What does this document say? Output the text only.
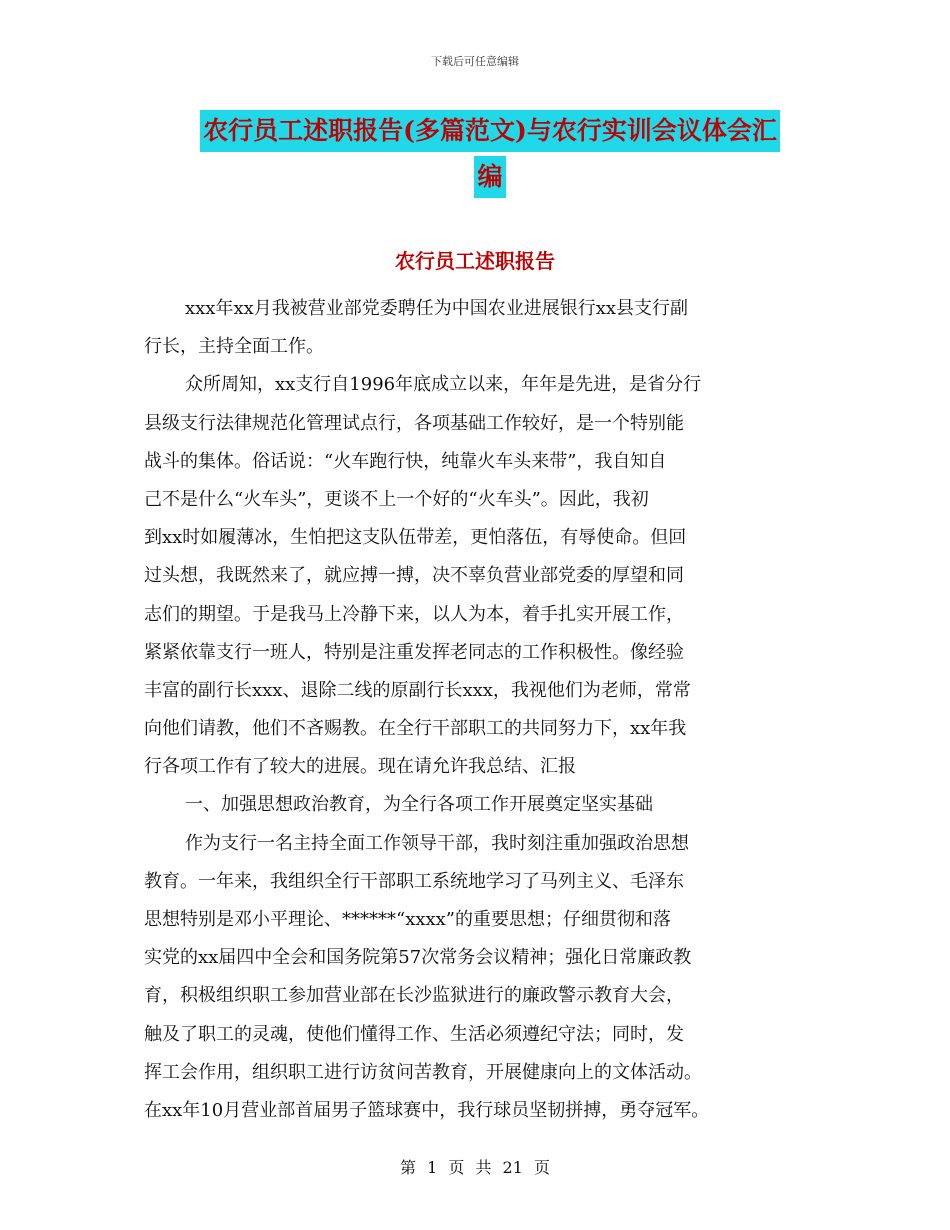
下载后可任意编辑
农行员工述职报告(多篇范文)与农行实训会议体会汇
编
农行员工述职报告
xxx年xx月我被营业部党委聘任为中国农业进展银行xx县支行副
行长，主持全面工作。
众所周知，xx支行自1996年底成立以来，年年是先进，是省分行
县级支行法律规范化管理试点行，各项基础工作较好，是一个特别能
战斗的集体。俗话说：“火车跑行快，纯靠火车头来带”，我自知自
己不是什么“火车头”，更谈不上一个好的“火车头”。因此，我初
到xx时如履薄冰，生怕把这支队伍带差，更怕落伍，有辱使命。但回
过头想，我既然来了，就应搏一搏，决不辜负营业部党委的厚望和同
志们的期望。于是我马上冷静下来，以人为本，着手扎实开展工作，
紧紧依靠支行一班人，特别是注重发挥老同志的工作积极性。像经验
丰富的副行长xxx、退除二线的原副行长xxx，我视他们为老师，常常
向他们请教，他们不吝赐教。在全行干部职工的共同努力下，xx年我
行各项工作有了较大的进展。现在请允许我总结、汇报
一、加强思想政治教育，为全行各项工作开展奠定坚实基础
作为支行一名主持全面工作领导干部，我时刻注重加强政治思想
教育。一年来，我组织全行干部职工系统地学习了马列主义、毛泽东
思想特别是邓小平理论、******“xxxx”的重要思想；仔细贯彻和落
实党的xx届四中全会和国务院第57次常务会议精神；强化日常廉政教
育，积极组织职工参加营业部在长沙监狱进行的廉政警示教育大会，
触及了职工的灵魂，使他们懂得工作、生活必须遵纪守法；同时，发
挥工会作用，组织职工进行访贫问苦教育，开展健康向上的文体活动。
在xx年10月营业部首届男子篮球赛中，我行球员坚韧拼搏，勇夺冠军。
第 1 页 共 21 页
